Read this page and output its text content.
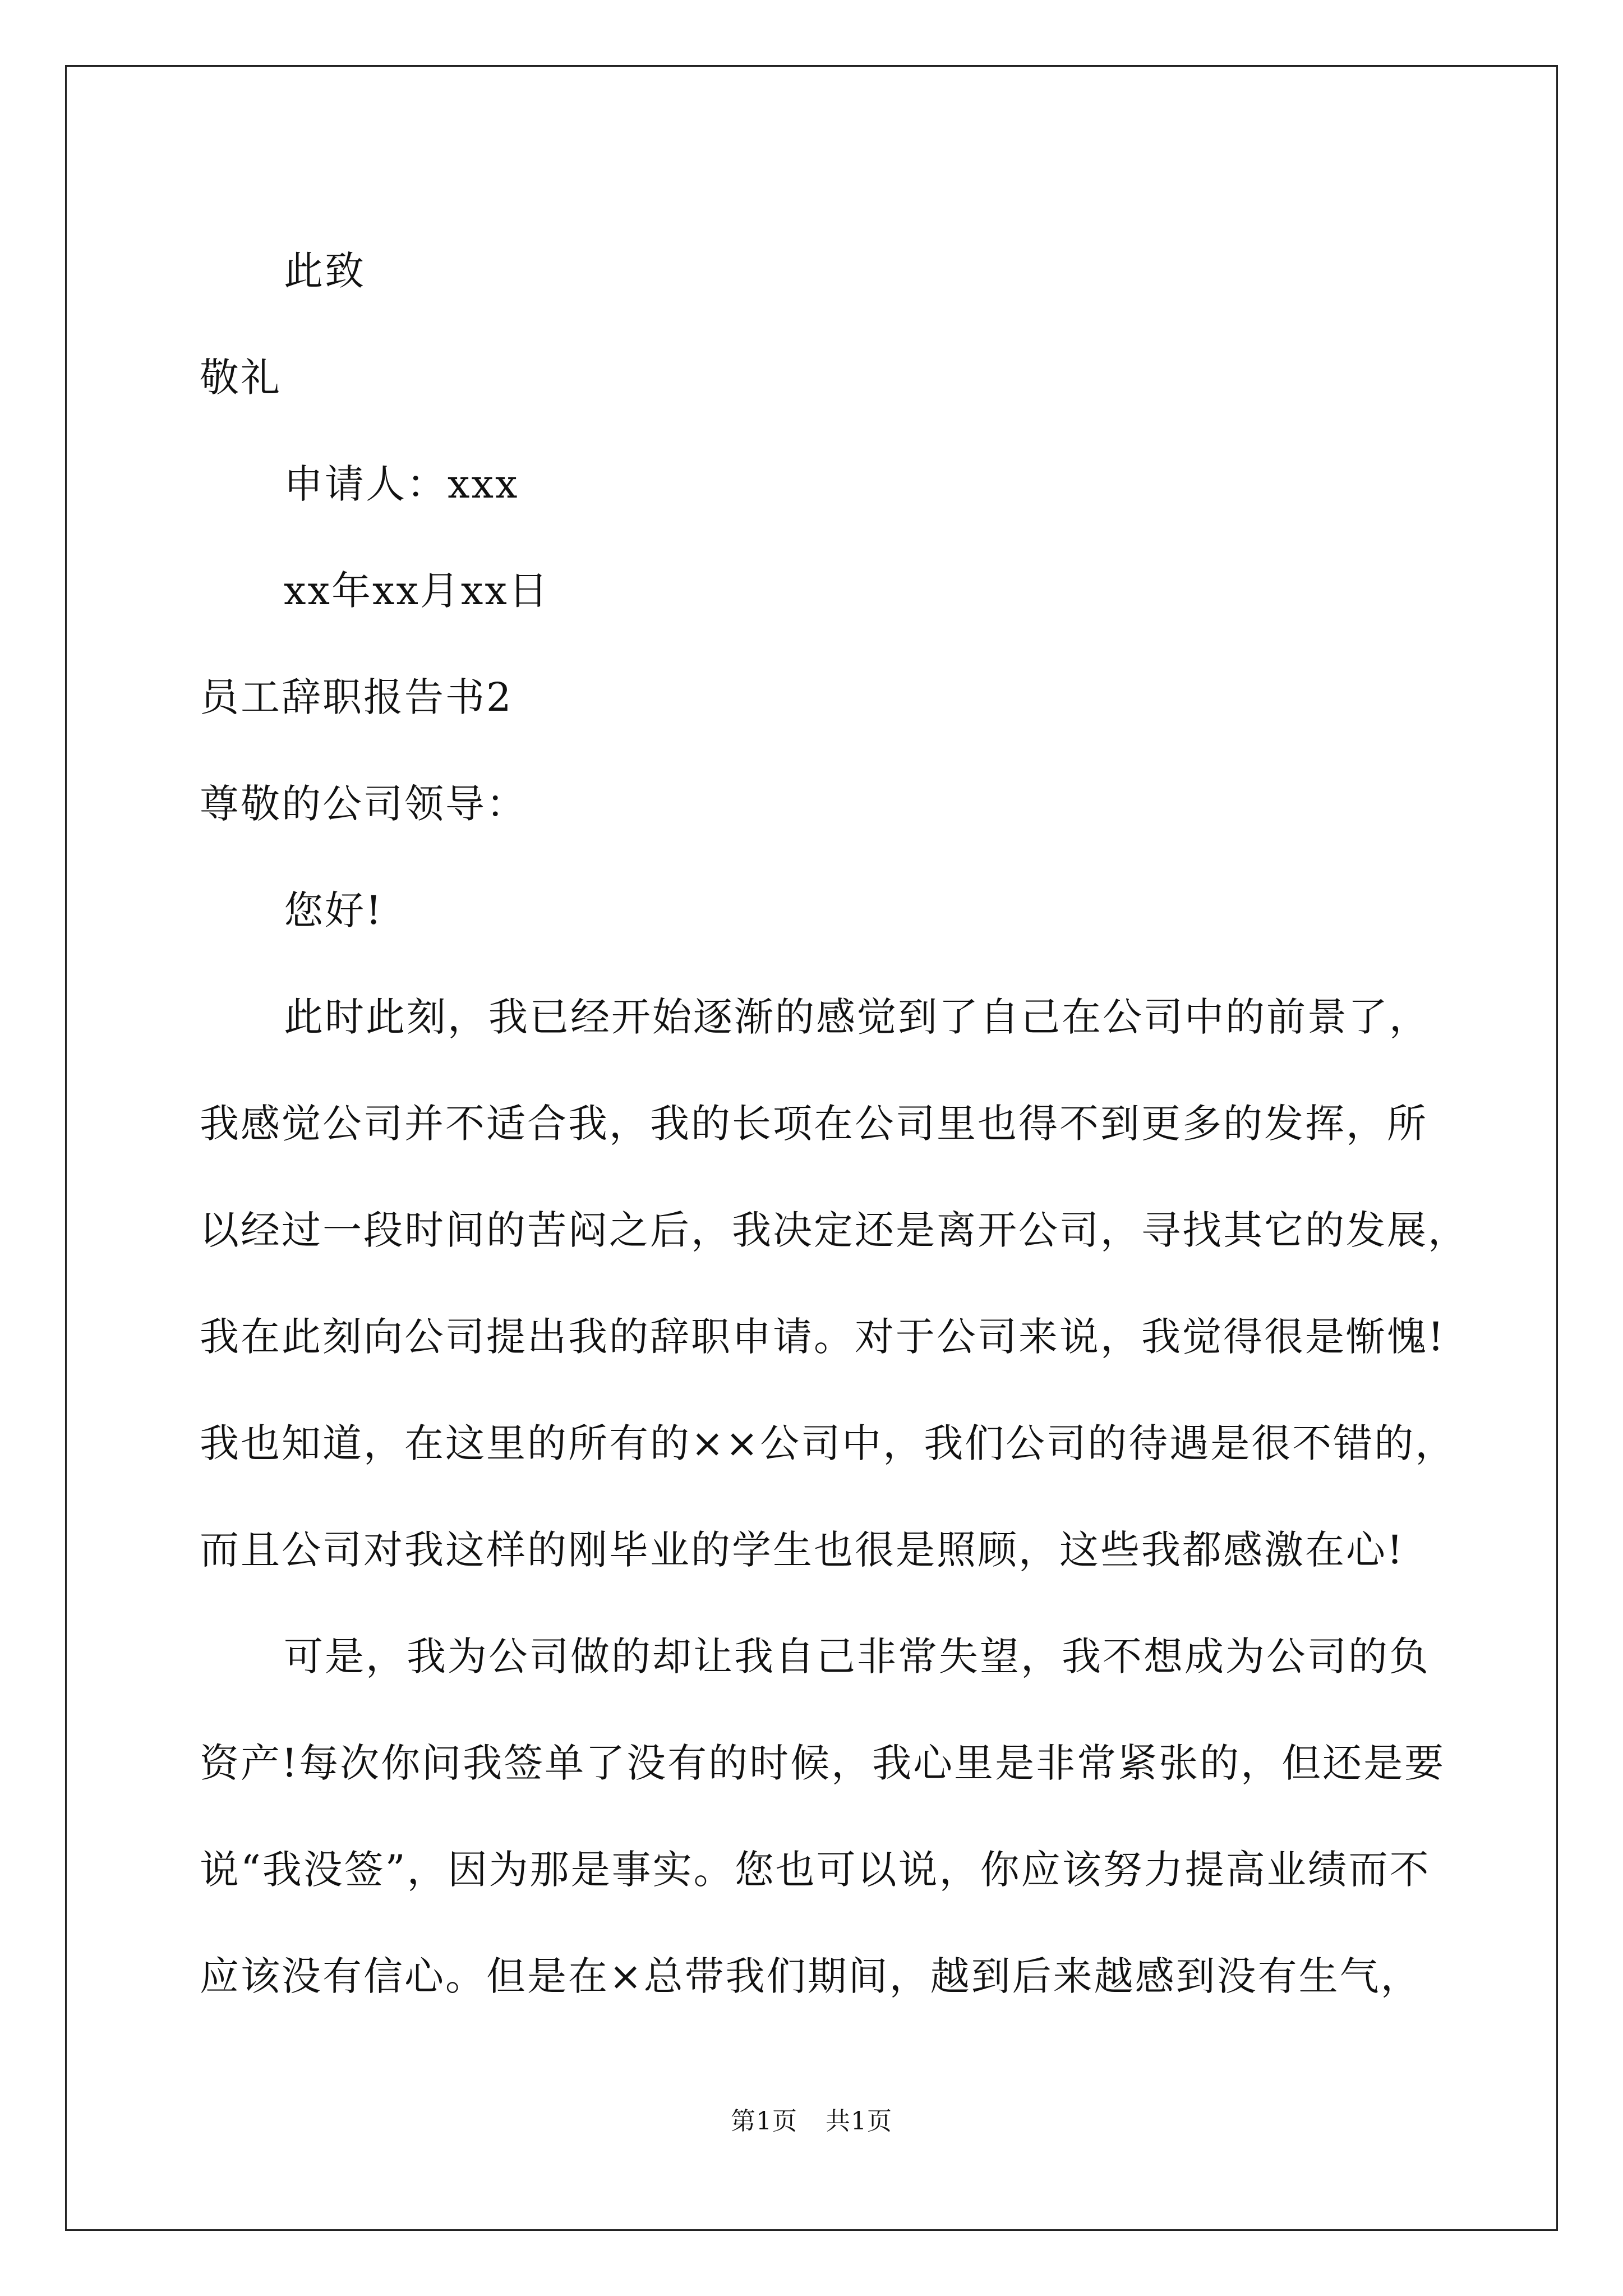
此致
敬礼
申请人：xxx
xx年xx月xx日
员工辞职报告书2
尊敬的公司领导：
您好!
此时此刻，我已经开始逐渐的感觉到了自己在公司中的前景了，
我感觉公司并不适合我，我的长项在公司里也得不到更多的发挥，所
以经过一段时间的苦闷之后，我决定还是离开公司，寻找其它的发展，
我在此刻向公司提出我的辞职申请。对于公司来说，我觉得很是惭愧!
我也知道，在这里的所有的××公司中，我们公司的待遇是很不错的，
而且公司对我这样的刚毕业的学生也很是照顾，这些我都感激在心!
可是，我为公司做的却让我自己非常失望，我不想成为公司的负
资产!每次你问我签单了没有的时候，我心里是非常紧张的，但还是要
说“我没签”，因为那是事实。您也可以说，你应该努力提高业绩而不
应该没有信心。但是在×总带我们期间，越到后来越感到没有生气，
第1页 共1页
